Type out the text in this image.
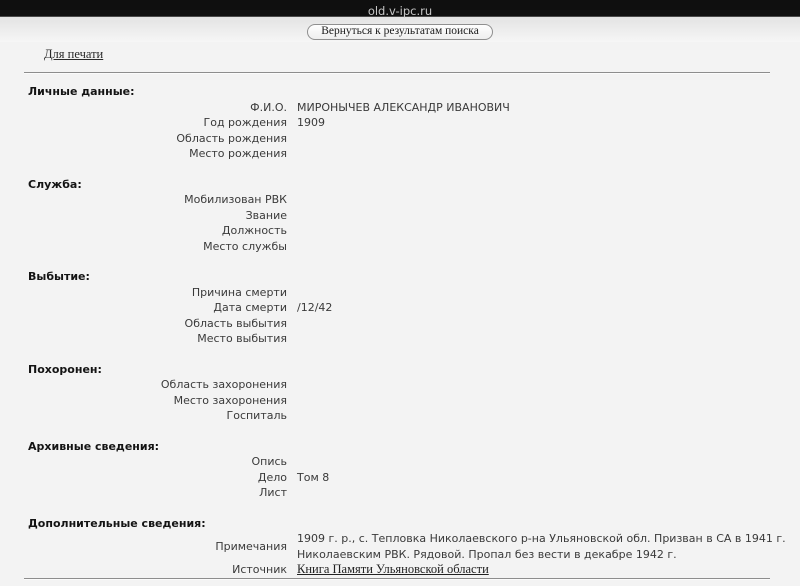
old.v-ipc.ru
Вернуться к результатам поиска
Для печати
Личные данные:
Ф.И.О. МИРОНЫЧЕВ АЛЕКСАНДР ИВАНОВИЧ
Год рождения 1909
Область рождения
Место рождения
Служба:
Мобилизован РВК
Звание
Должность
Место службы
Выбытие:
Причина смерти
Дата смерти /12/42
Область выбытия
Место выбытия
Похоронен:
Область захоронения
Место захоронения
Госпиталь
Архивные сведения:
Опись
Дело Том 8
Лист
Дополнительные сведения:
Примечания
1909 г. р., с. Тепловка Николаевского р-на Ульяновской обл. Призван в СА в 1941 г. Николаевским РВК. Рядовой. Пропал без вести в декабре 1942 г.
Источник Книга Памяти Ульяновской области
